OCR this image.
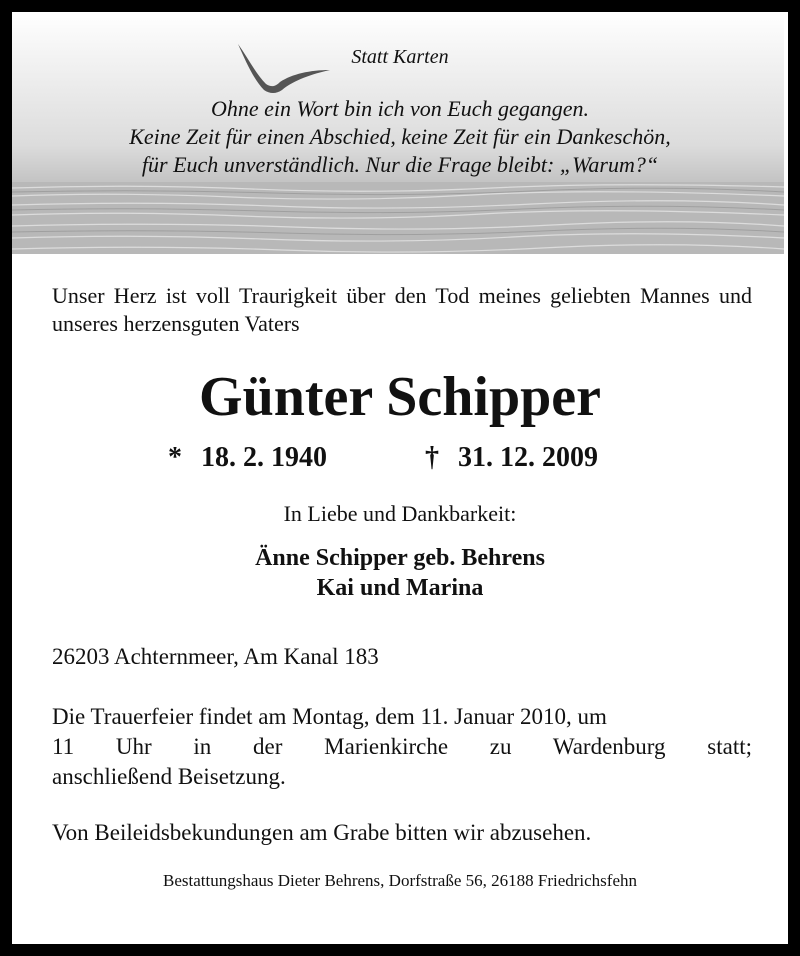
Statt Karten
Ohne ein Wort bin ich von Euch gegangen.
Keine Zeit für einen Abschied, keine Zeit für ein Dankeschön,
für Euch unverständlich. Nur die Frage bleibt: „Warum?“
Unser Herz ist voll Traurigkeit über den Tod meines geliebten Mannes und unseres herzensguten Vaters
Günter Schipper
* 18. 2. 1940	† 31. 12. 2009
In Liebe und Dankbarkeit:
Änne Schipper geb. Behrens
Kai und Marina
26203 Achternmeer, Am Kanal 183
Die Trauerfeier findet am Montag, dem 11. Januar 2010, um
11 Uhr in der Marienkirche zu Wardenburg statt;
anschließend Beisetzung.
Von Beileidsbekundungen am Grabe bitten wir abzusehen.
Bestattungshaus Dieter Behrens, Dorfstraße 56, 26188 Friedrichsfehn
